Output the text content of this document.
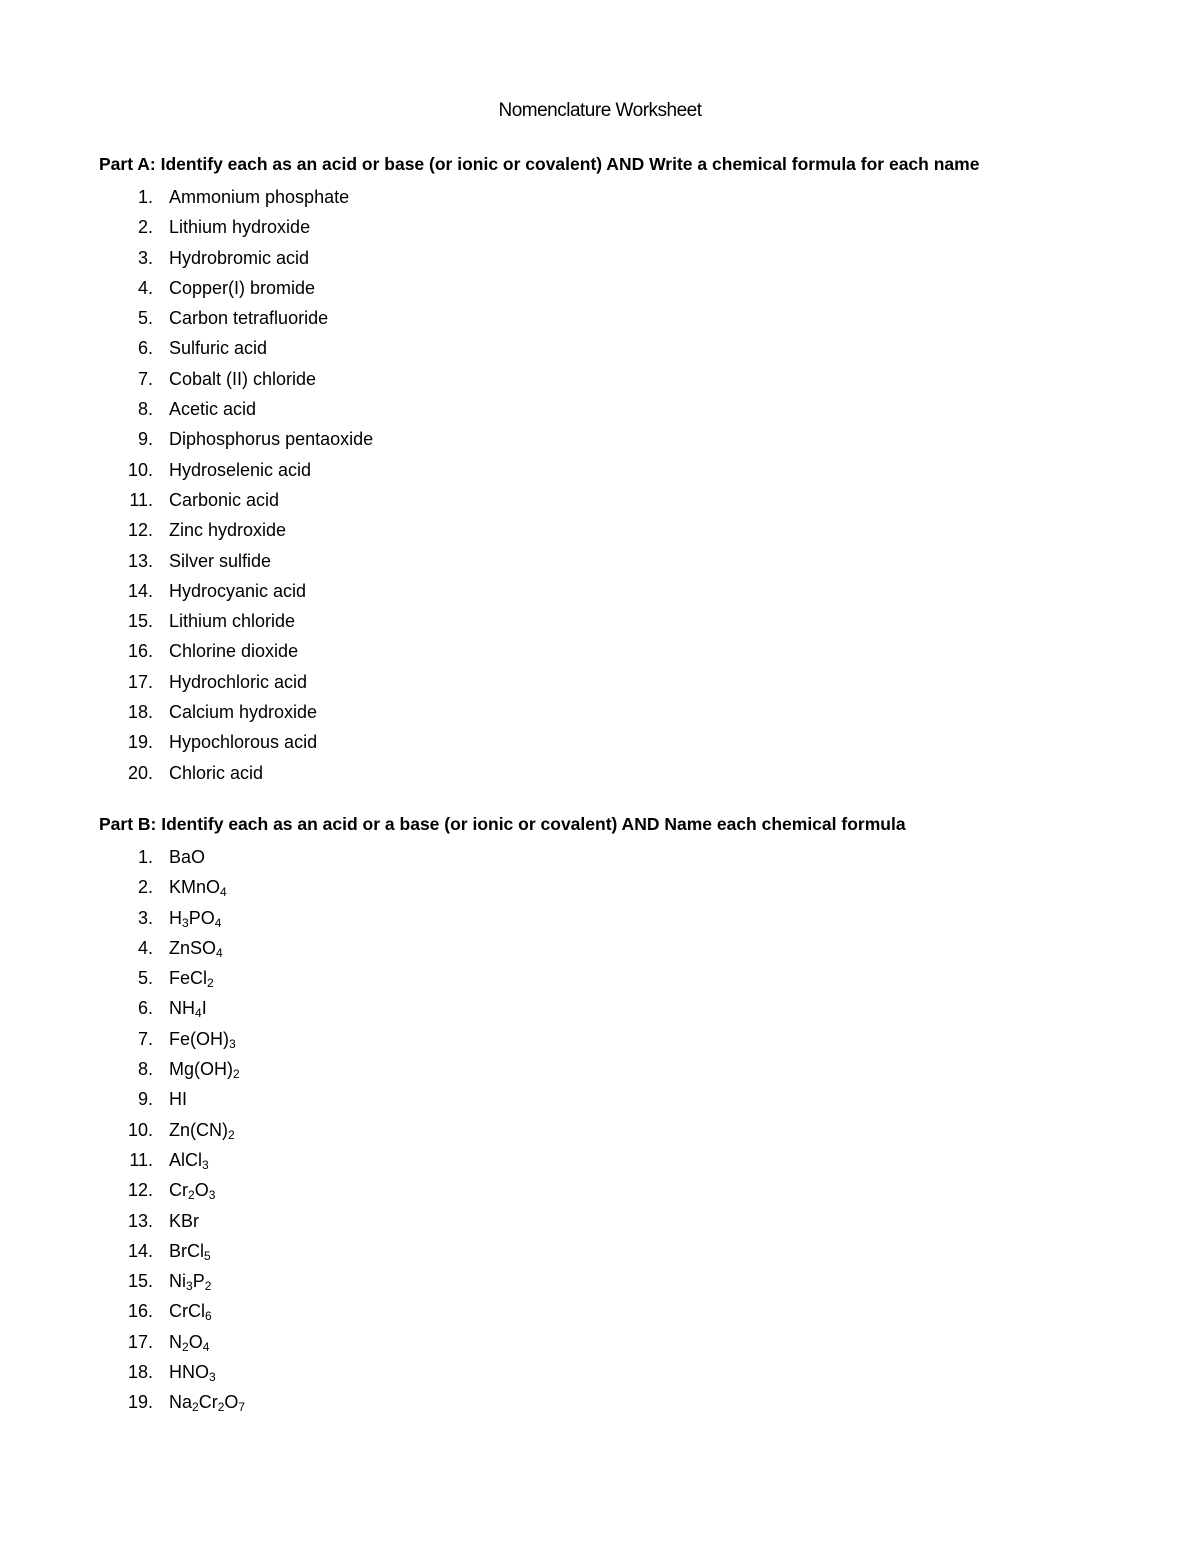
Nomenclature Worksheet

Part A: Identify each as an acid or base (or ionic or covalent) AND Write a chemical formula for each name

1. Ammonium phosphate
2. Lithium hydroxide
3. Hydrobromic acid
4. Copper(I) bromide
5. Carbon tetrafluoride
6. Sulfuric acid
7. Cobalt (II) chloride
8. Acetic acid
9. Diphosphorus pentaoxide
10. Hydroselenic acid
11. Carbonic acid
12. Zinc hydroxide
13. Silver sulfide
14. Hydrocyanic acid
15. Lithium chloride
16. Chlorine dioxide
17. Hydrochloric acid
18. Calcium hydroxide
19. Hypochlorous acid
20. Chloric acid

Part B: Identify each as an acid or a base (or ionic or covalent) AND Name each chemical formula

1. BaO
2. KMnO$_4$
3. $H_3PO_4$
4. ZnSO$_4$
5. FeCl$_2$
6. $NH_4I$
7. $Fe(OH)_3$
8. $Mg(OH)_2$
9. HI
10. $Zn(CN)_2$
11. AlCl$_3$
12. $Cr_2O_3$
13. KBr
14. BrCl$_5$
15. $Ni_3P_2$
16. CrCl$_6$
17. $N_2O_4$
18. $HNO_3$
19. $Na_2Cr_2O_7$
